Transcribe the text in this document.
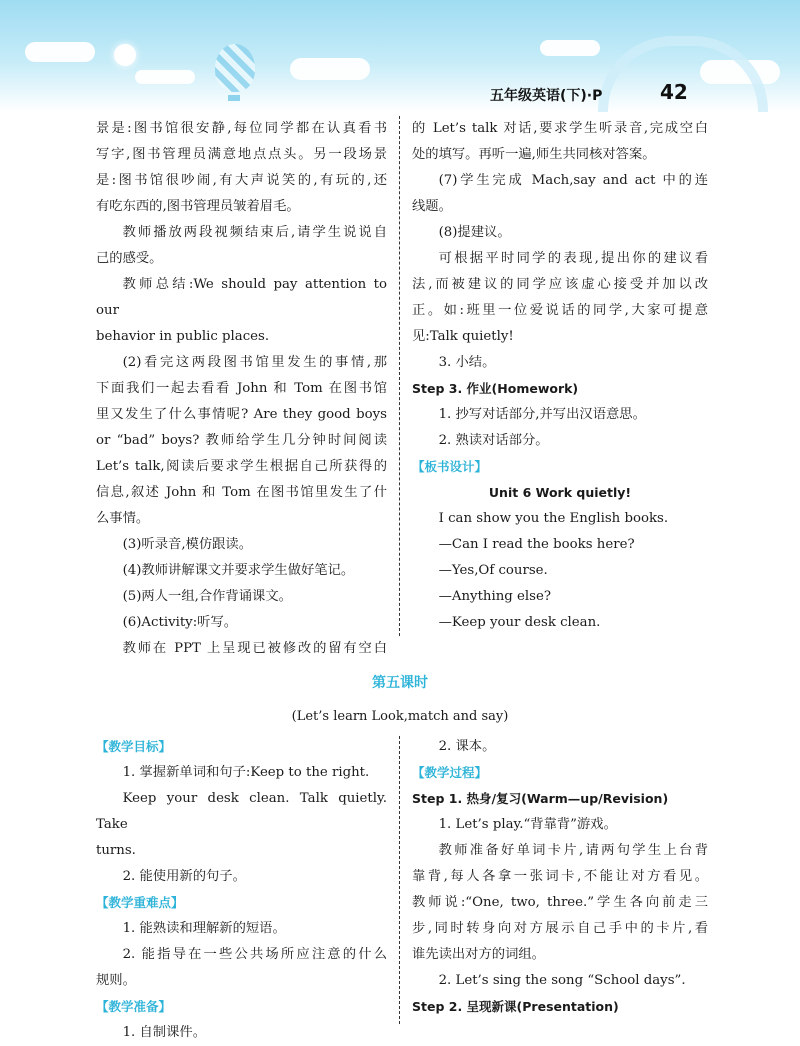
五年级英语(下)·P	42

景是:图书馆很安静,每位同学都在认真看书

写字,图书管理员满意地点点头。另一段场景

是:图书馆很吵闹,有大声说笑的,有玩的,还

有吃东西的,图书管理员皱着眉毛。

教师播放两段视频结束后,请学生说说自

己的感受。

教师总结:We should pay attention to our

behavior in public places.

(2)看完这两段图书馆里发生的事情,那

下面我们一起去看看 John 和 Tom 在图书馆

里又发生了什么事情呢? Are they good boys

or “bad” boys? 教师给学生几分钟时间阅读

Let’s talk,阅读后要求学生根据自己所获得的

信息,叙述 John 和 Tom 在图书馆里发生了什

么事情。

(3)听录音,模仿跟读。

(4)教师讲解课文并要求学生做好笔记。

(5)两人一组,合作背诵课文。

(6)Activity:听写。

教师在 PPT 上呈现已被修改的留有空白

的 Let’s talk 对话,要求学生听录音,完成空白

处的填写。再听一遍,师生共同核对答案。

(7)学生完成 Mach,say and act 中的连

线题。

(8)提建议。

可根据平时同学的表现,提出你的建议看

法,而被建议的同学应该虚心接受并加以改

正。如:班里一位爱说话的同学,大家可提意

见:Talk quietly!

3. 小结。

Step 3. 作业(Homework)

1. 抄写对话部分,并写出汉语意思。

2. 熟读对话部分。

【板书设计】

Unit 6 Work quietly!

I can show you the English books.

—Can I read the books here?

—Yes,Of course.

—Anything else?

—Keep your desk clean.

第五课时
(Let’s learn Look,match and say)

【教学目标】

1. 掌握新单词和句子:Keep to the right.

Keep your desk clean. Talk quietly. Take

turns.

2. 能使用新的句子。

【教学重难点】

1. 能熟读和理解新的短语。

2. 能指导在一些公共场所应注意的什么

规则。

【教学准备】

1. 自制课件。

2. 课本。

【教学过程】

Step 1. 热身/复习(Warm—up/Revision)

1. Let’s play.“背靠背”游戏。

教师准备好单词卡片,请两句学生上台背

靠背,每人各拿一张词卡,不能让对方看见。

教师说:“One, two, three.”学生各向前走三

步,同时转身向对方展示自己手中的卡片,看

谁先读出对方的词组。

2. Let’s sing the song “School days”.

Step 2. 呈现新课(Presentation)
